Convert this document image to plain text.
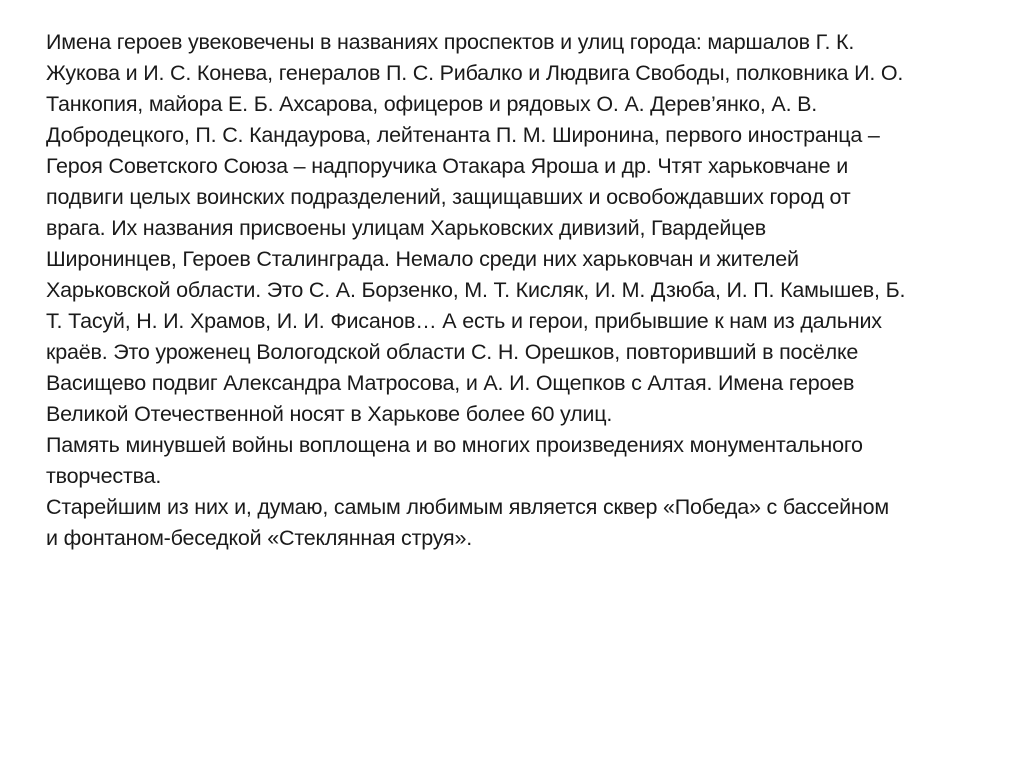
Имена героев увековечены в названиях проспектов и улиц города: маршалов Г. К.
Жукова и И. С. Конева, генералов П. С. Рибалко и Людвига Свободы, полковника И. О.
Танкопия, майора Е. Б. Ахсарова, офицеров и рядовых О. А. Дерев’янко, А. В.
Добродецкого, П. С. Кандаурова, лейтенанта П. М. Широнина, первого иностранца –
Героя Советского Союза – надпоручика Отакара Яроша и др. Чтят харьковчане и
подвиги целых воинских подразделений, защищавших и освобождавших город от
врага. Их названия присвоены улицам Харьковских дивизий, Гвардейцев
Широнинцев, Героев Сталинграда. Немало среди них харьковчан и жителей
Харьковской области. Это С. А. Борзенко, М. Т. Кисляк, И. М. Дзюба, И. П. Камышев, Б.
Т. Тасуй, Н. И. Храмов, И. И. Фисанов… А есть и герои, прибывшие к нам из дальних
краёв. Это уроженец Вологодской области С. Н. Орешков, повторивший в посёлке
Васищево подвиг Александра Матросова, и А. И. Ощепков с Алтая. Имена героев
Великой Отечественной носят в Харькове более 60 улиц.

Память минувшей войны воплощена и во многих произведениях монументального
творчества.

Старейшим из них и, думаю, самым любимым является сквер «Победа» с бассейном
и фонтаном-беседкой «Стеклянная струя».
